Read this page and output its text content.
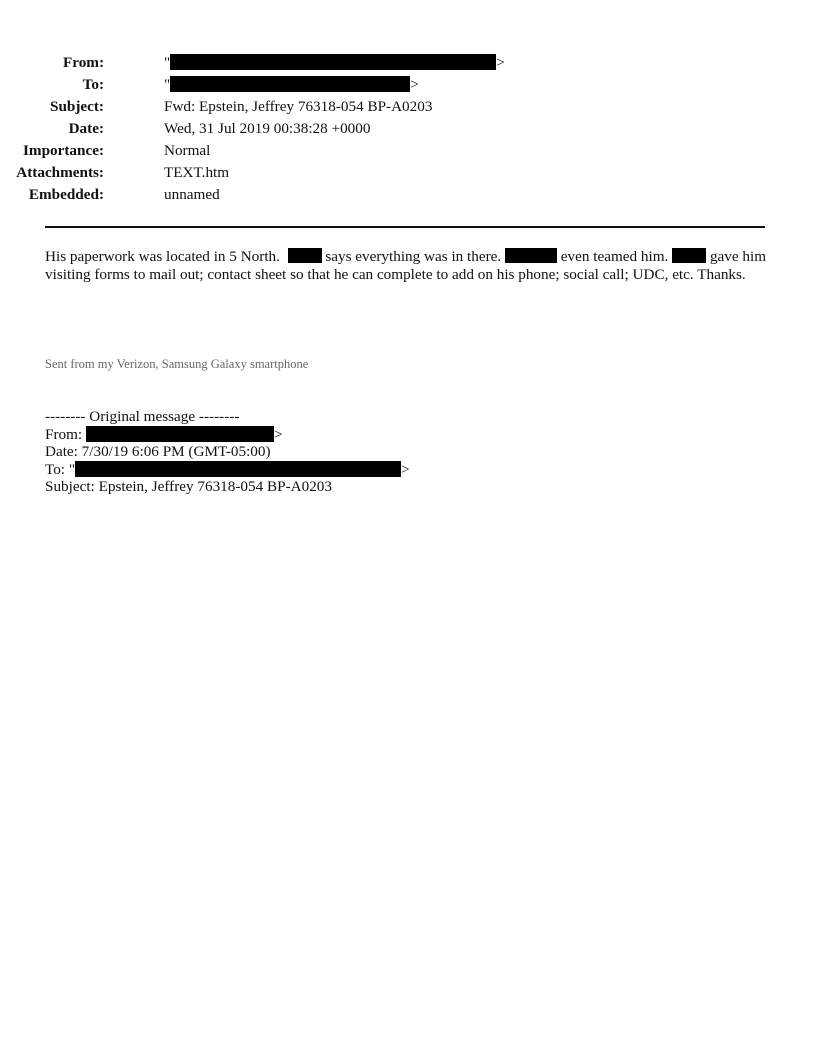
From:	"	>
To:	"	>
Subject:	Fwd: Epstein, Jeffrey 76318-054 BP-A0203
Date:	Wed, 31 Jul 2019 00:38:28 +0000
Importance:	Normal
Attachments:	TEXT.htm
Embedded:	unnamed
His paperwork was located in 5 North.	says everything was in there.	even teamed him.	gave him visiting forms to mail out; contact sheet so that he can complete to add on his phone; social call; UDC, etc. Thanks.
Sent from my Verizon, Samsung Galaxy smartphone
-------- Original message --------
From:	>
Date: 7/30/19 6:06 PM (GMT-05:00)
To: "	>
Subject: Epstein, Jeffrey 76318-054 BP-A0203
